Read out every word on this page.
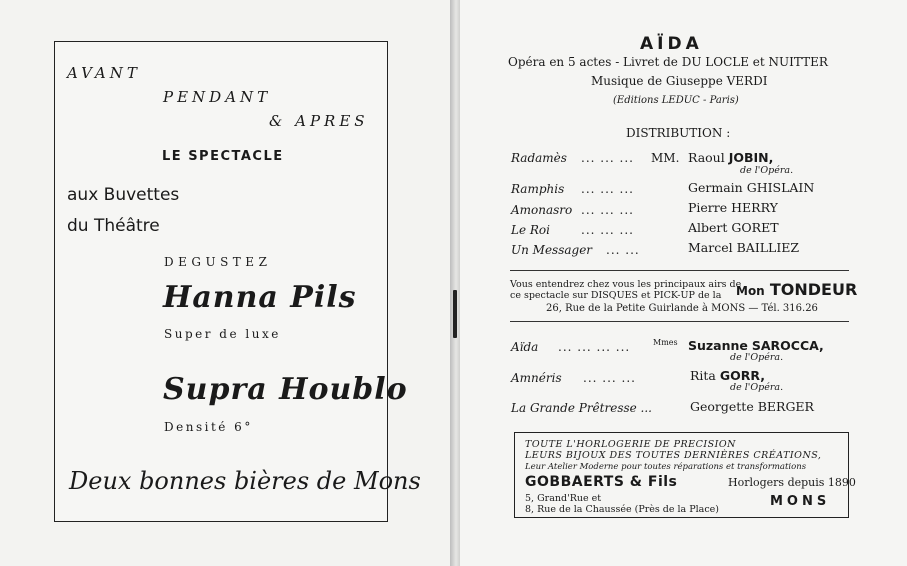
AVANT
PENDANT
& APRES
LE SPECTACLE
aux Buvettes
du Théâtre
DEGUSTEZ
Hanna Pils
Super de luxe
Supra Houblo
Densité 6°
Deux bonnes bières de Mons
AÏDA
Opéra en 5 actes - Livret de DU LOCLE et NUITTER
Musique de Giuseppe VERDI
(Editions LEDUC - Paris)
DISTRIBUTION :
Radamès ... ... ... MM. Raoul JOBIN,
de l'Opéra.
Ramphis ... ... ...	Germain GHISLAIN
Amonasro ... ... ...	Pierre HERRY
Le Roi	... ... ...	Albert GORET
Un Messager ... ...	Marcel BAILLIEZ
Vous entendrez chez vous les principaux airs de
ce spectacle sur DISQUES et PICK-UP de la	Mon TONDEUR
26, Rue de la Petite Guirlande à MONS — Tél. 316.26
Aïda ... ... ... ...	Mmes Suzanne SAROCCA,
de l'Opéra.
Amnéris ... ... ...	Rita GORR,
de l'Opéra.
La Grande Prêtresse ...	Georgette BERGER
TOUTE L'HORLOGERIE DE PRECISION
LEURS BIJOUX DES TOUTES DERNIÈRES CRÉATIONS,
Leur Atelier Moderne pour toutes réparations et transformations
GOBBAERTS & Fils	Horlogers depuis 1890
5, Grand'Rue et
8, Rue de la Chaussée (Près de la Place)
MONS
